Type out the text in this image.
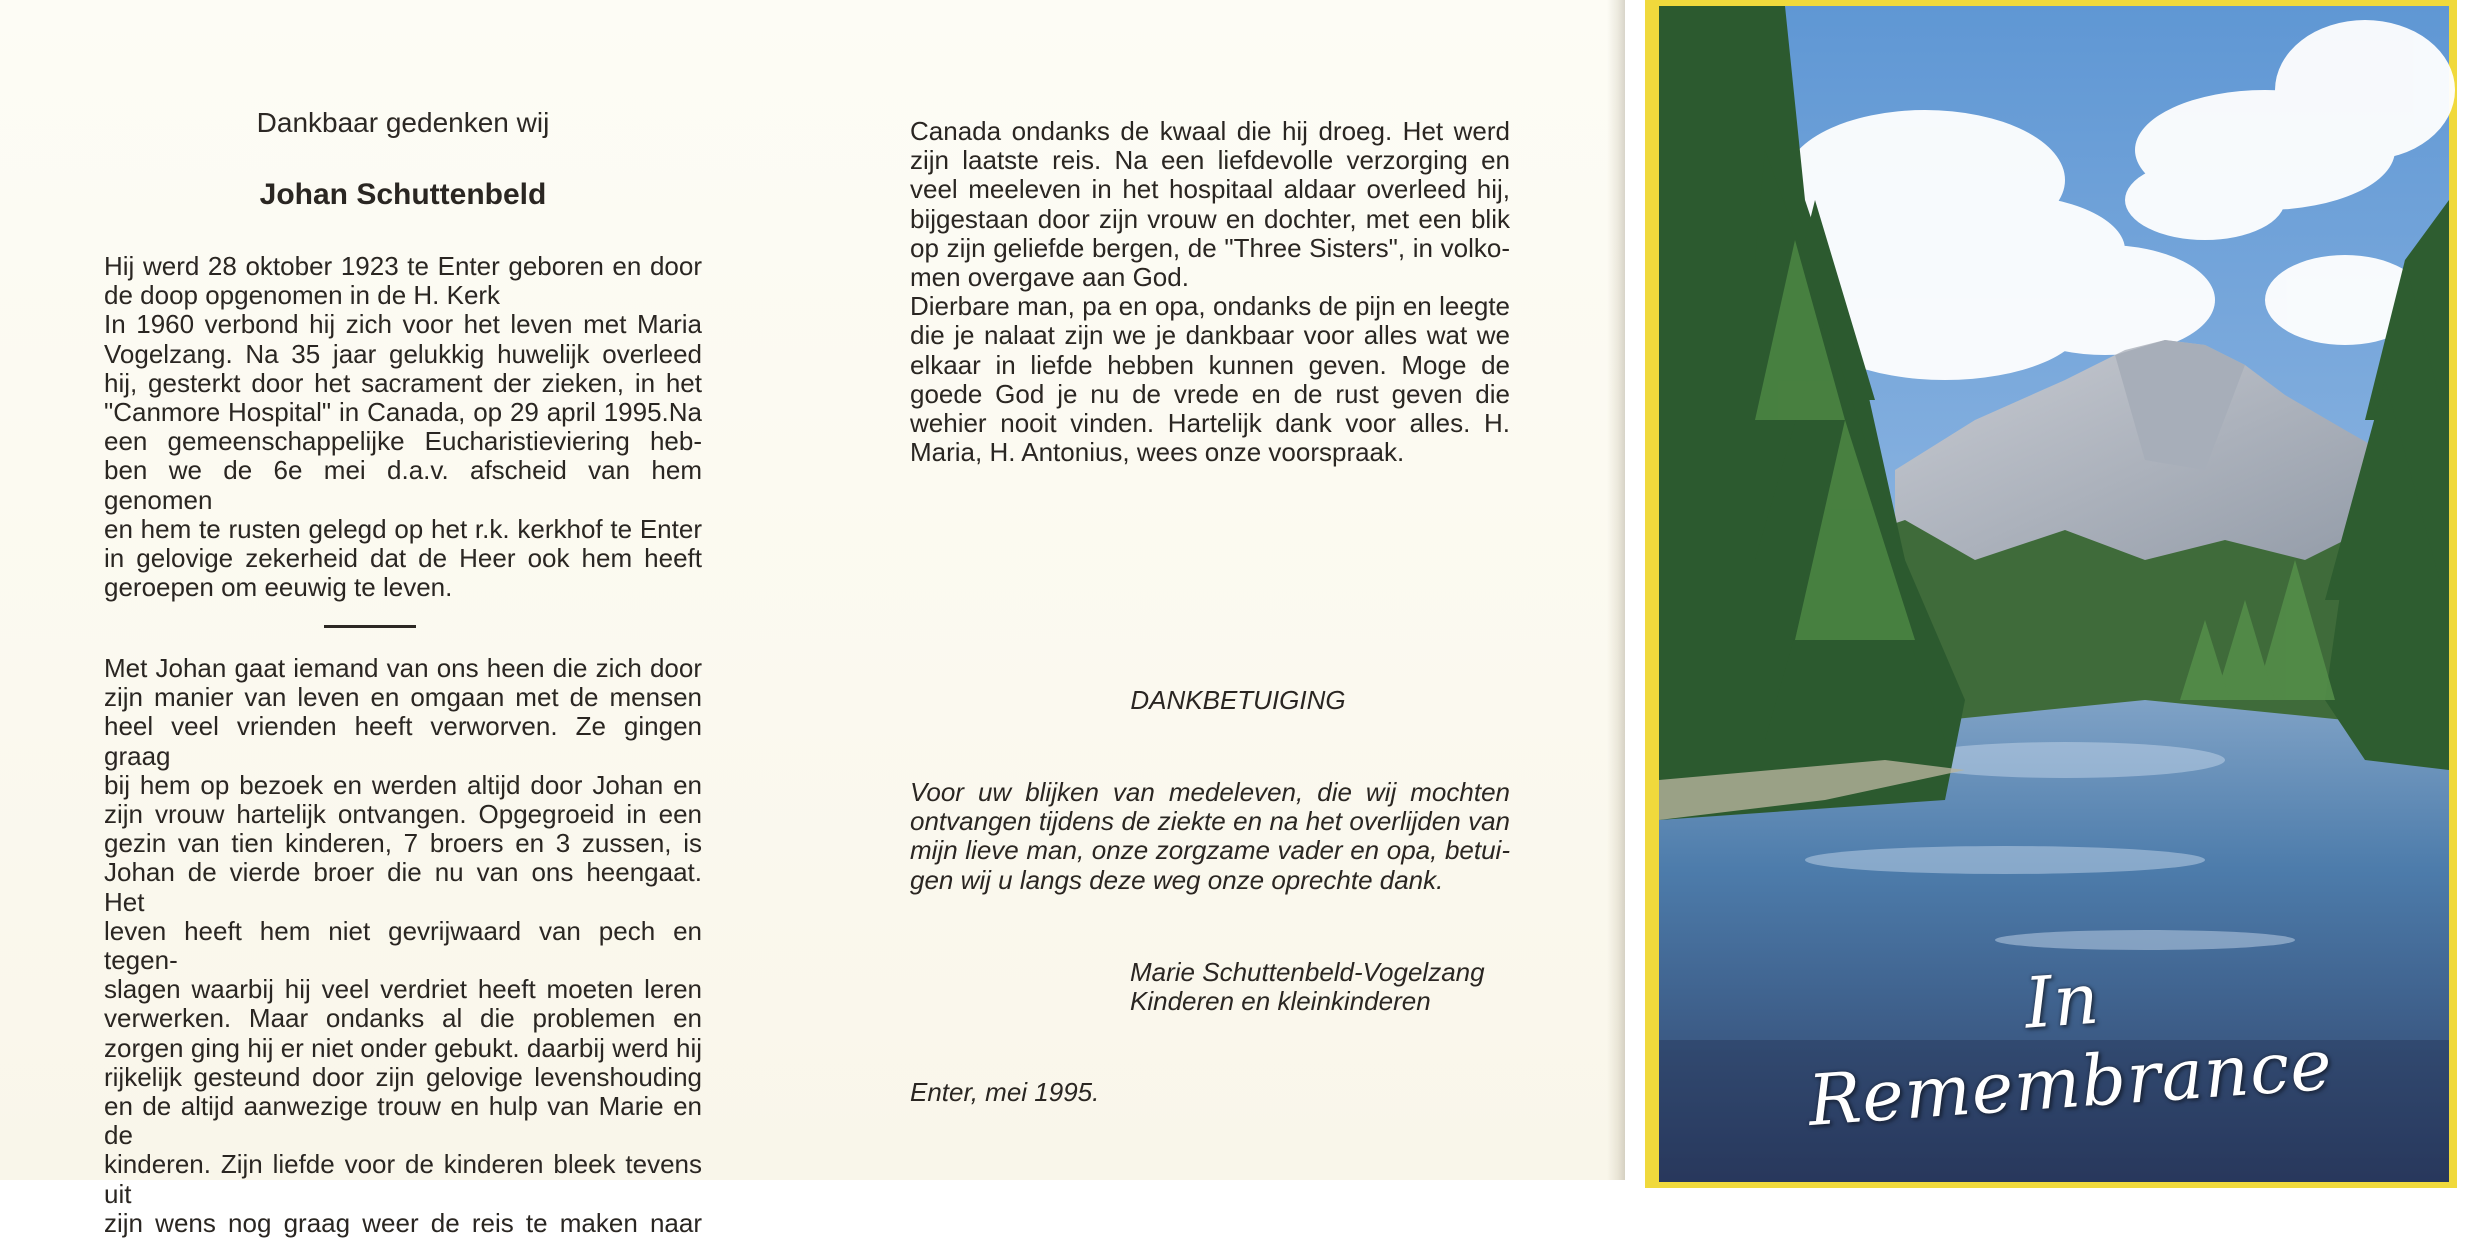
Dankbaar gedenken wij
Johan Schuttenbeld
Hij werd 28 oktober 1923 te Enter geboren en door
de doop opgenomen in de H. Kerk
In 1960 verbond hij zich voor het leven met Maria
Vogelzang. Na 35 jaar gelukkig huwelijk overleed
hij, gesterkt door het sacrament der zieken, in het
"Canmore Hospital" in Canada, op 29 april 1995.Na
een gemeenschappelijke Eucharistieviering heb-
ben we de 6e mei d.a.v. afscheid van hem genomen
en hem te rusten gelegd op het r.k. kerkhof te Enter
in gelovige zekerheid dat de Heer ook hem heeft
geroepen om eeuwig te leven.
Met Johan gaat iemand van ons heen die zich door
zijn manier van leven en omgaan met de mensen
heel veel vrienden heeft verworven. Ze gingen graag
bij hem op bezoek en werden altijd door Johan en
zijn vrouw hartelijk ontvangen. Opgegroeid in een
gezin van tien kinderen, 7 broers en 3 zussen, is
Johan de vierde broer die nu van ons heengaat. Het
leven heeft hem niet gevrijwaard van pech en tegen-
slagen waarbij hij veel verdriet heeft moeten leren
verwerken. Maar ondanks al die problemen en
zorgen ging hij er niet onder gebukt. daarbij werd hij
rijkelijk gesteund door zijn gelovige levenshouding
en de altijd aanwezige trouw en hulp van Marie en de
kinderen. Zijn liefde voor de kinderen bleek tevens uit
zijn wens nog graag weer de reis te maken naar
Canada ondanks de kwaal die hij droeg. Het werd
zijn laatste reis. Na een liefdevolle verzorging en
veel meeleven in het hospitaal aldaar overleed hij,
bijgestaan door zijn vrouw en dochter, met een blik
op zijn geliefde bergen, de "Three Sisters", in volko-
men overgave aan God.
Dierbare man, pa en opa, ondanks de pijn en leegte
die je nalaat zijn we je dankbaar voor alles wat we
elkaar in liefde hebben kunnen geven. Moge de
goede God je nu de vrede en de rust geven die
wehier nooit vinden. Hartelijk dank voor alles. H.
Maria, H. Antonius, wees onze voorspraak.
DANKBETUIGING
Voor uw blijken van medeleven, die wij mochten
ontvangen tijdens de ziekte en na het overlijden van
mijn lieve man, onze zorgzame vader en opa, betui-
gen wij u langs deze weg onze oprechte dank.
Marie Schuttenbeld-Vogelzang
Kinderen en kleinkinderen
Enter, mei 1995.
In Remembrance
